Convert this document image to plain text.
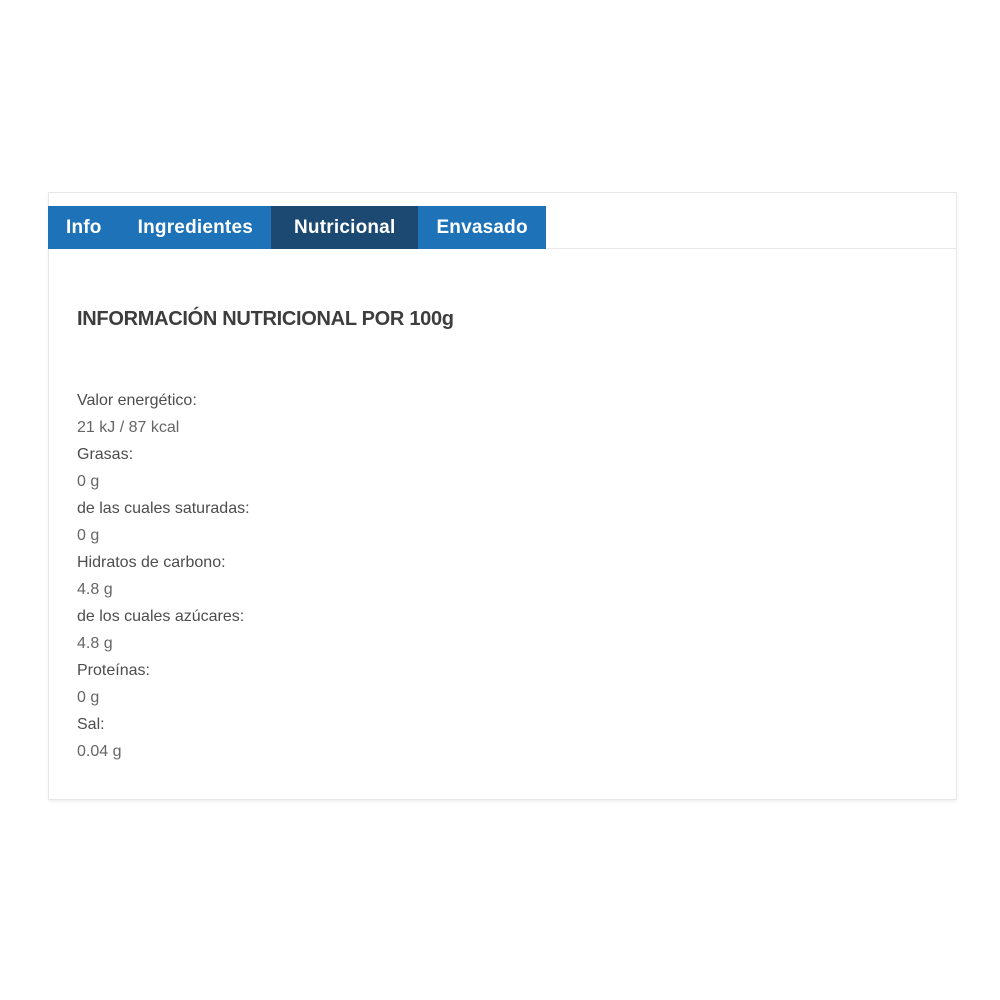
Info	Ingredientes	Nutricional	Envasado
INFORMACIÓN NUTRICIONAL POR 100g
Valor energético:
21 kJ / 87 kcal
Grasas:
0 g
de las cuales saturadas:
0 g
Hidratos de carbono:
4.8 g
de los cuales azúcares:
4.8 g
Proteínas:
0 g
Sal:
0.04 g
